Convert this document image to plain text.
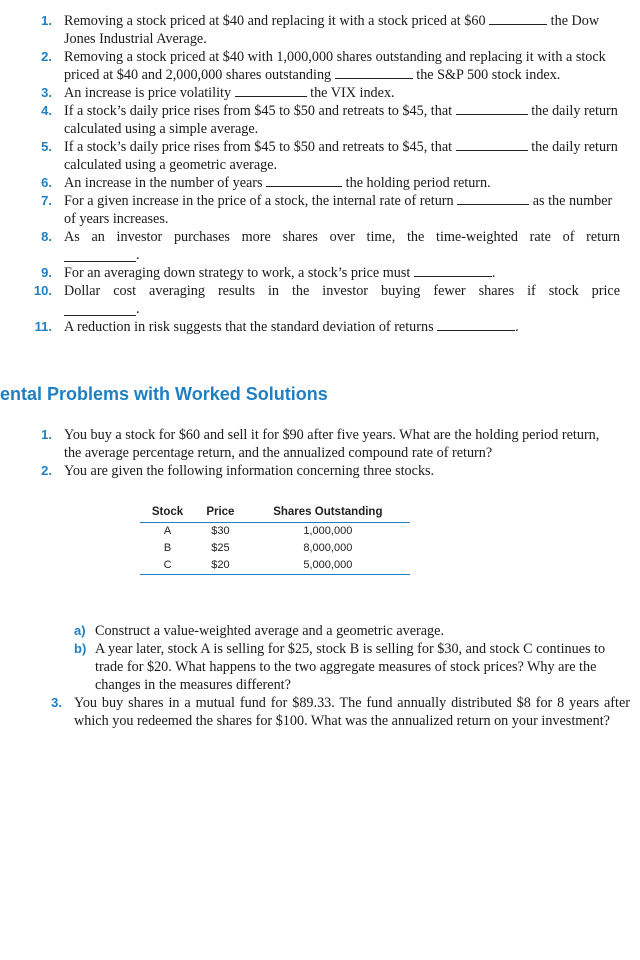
1. Removing a stock priced at $40 and replacing it with a stock priced at $60	the Dow Jones Industrial Average.
2. Removing a stock priced at $40 with 1,000,000 shares outstanding and replacing it with a stock priced at $40 and 2,000,000 shares outstanding	the S&P 500 stock index.
3. An increase is price volatility	the VIX index.
4. If a stock’s daily price rises from $45 to $50 and retreats to $45, that	the daily return calculated using a simple average.
5. If a stock’s daily price rises from $45 to $50 and retreats to $45, that	the daily return calculated using a geometric average.
6. An increase in the number of years	the holding period return.
7. For a given increase in the price of a stock, the internal rate of return	as the number of years increases.
8. As an investor purchases more shares over time, the time-weighted rate of return
.
9. For an averaging down strategy to work, a stock’s price must	.
10. Dollar cost averaging results in the investor buying fewer shares if stock price
.
11. A reduction in risk suggests that the standard deviation of returns	.
ental Problems with Worked Solutions
1. You buy a stock for $60 and sell it for $90 after five years. What are the holding period return, the average percentage return, and the annualized compound rate of return?
2. You are given the following information concerning three stocks.
Stock	Price	Shares Outstanding
A	$30	1,000,000
B	$25	8,000,000
C	$20	5,000,000
a) Construct a value-weighted average and a geometric average.
b) A year later, stock A is selling for $25, stock B is selling for $30, and stock C continues to trade for $20. What happens to the two aggregate measures of stock prices? Why are the changes in the measures different?
3. You buy shares in a mutual fund for $89.33. The fund annually distributed $8 for 8 years after which you redeemed the shares for $100. What was the annualized return on your investment?
